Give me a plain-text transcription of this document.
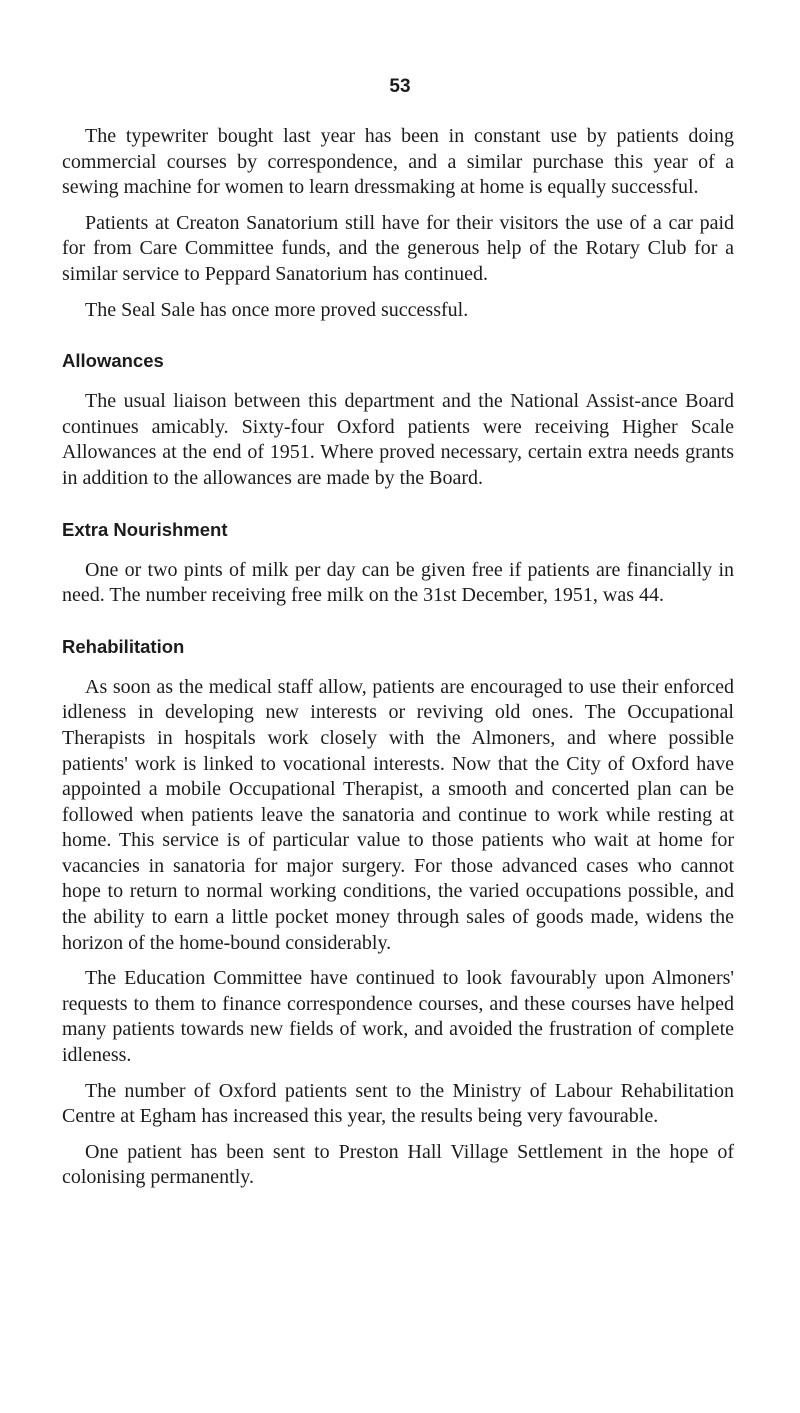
53

The typewriter bought last year has been in constant use by patients doing commercial courses by correspondence, and a similar purchase this year of a sewing machine for women to learn dressmaking at home is equally successful.

Patients at Creaton Sanatorium still have for their visitors the use of a car paid for from Care Committee funds, and the generous help of the Rotary Club for a similar service to Peppard Sanatorium has continued.

The Seal Sale has once more proved successful.

Allowances

The usual liaison between this department and the National Assist-ance Board continues amicably. Sixty-four Oxford patients were receiving Higher Scale Allowances at the end of 1951. Where proved necessary, certain extra needs grants in addition to the allowances are made by the Board.

Extra Nourishment

One or two pints of milk per day can be given free if patients are financially in need. The number receiving free milk on the 31st December, 1951, was 44.

Rehabilitation

As soon as the medical staff allow, patients are encouraged to use their enforced idleness in developing new interests or reviving old ones. The Occupational Therapists in hospitals work closely with the Almoners, and where possible patients' work is linked to vocational interests. Now that the City of Oxford have appointed a mobile Occupational Therapist, a smooth and concerted plan can be followed when patients leave the sanatoria and continue to work while resting at home. This service is of particular value to those patients who wait at home for vacancies in sanatoria for major surgery. For those advanced cases who cannot hope to return to normal working conditions, the varied occupations possible, and the ability to earn a little pocket money through sales of goods made, widens the horizon of the home-bound considerably.

The Education Committee have continued to look favourably upon Almoners' requests to them to finance correspondence courses, and these courses have helped many patients towards new fields of work, and avoided the frustration of complete idleness.

The number of Oxford patients sent to the Ministry of Labour Rehabilitation Centre at Egham has increased this year, the results being very favourable.

One patient has been sent to Preston Hall Village Settlement in the hope of colonising permanently.
